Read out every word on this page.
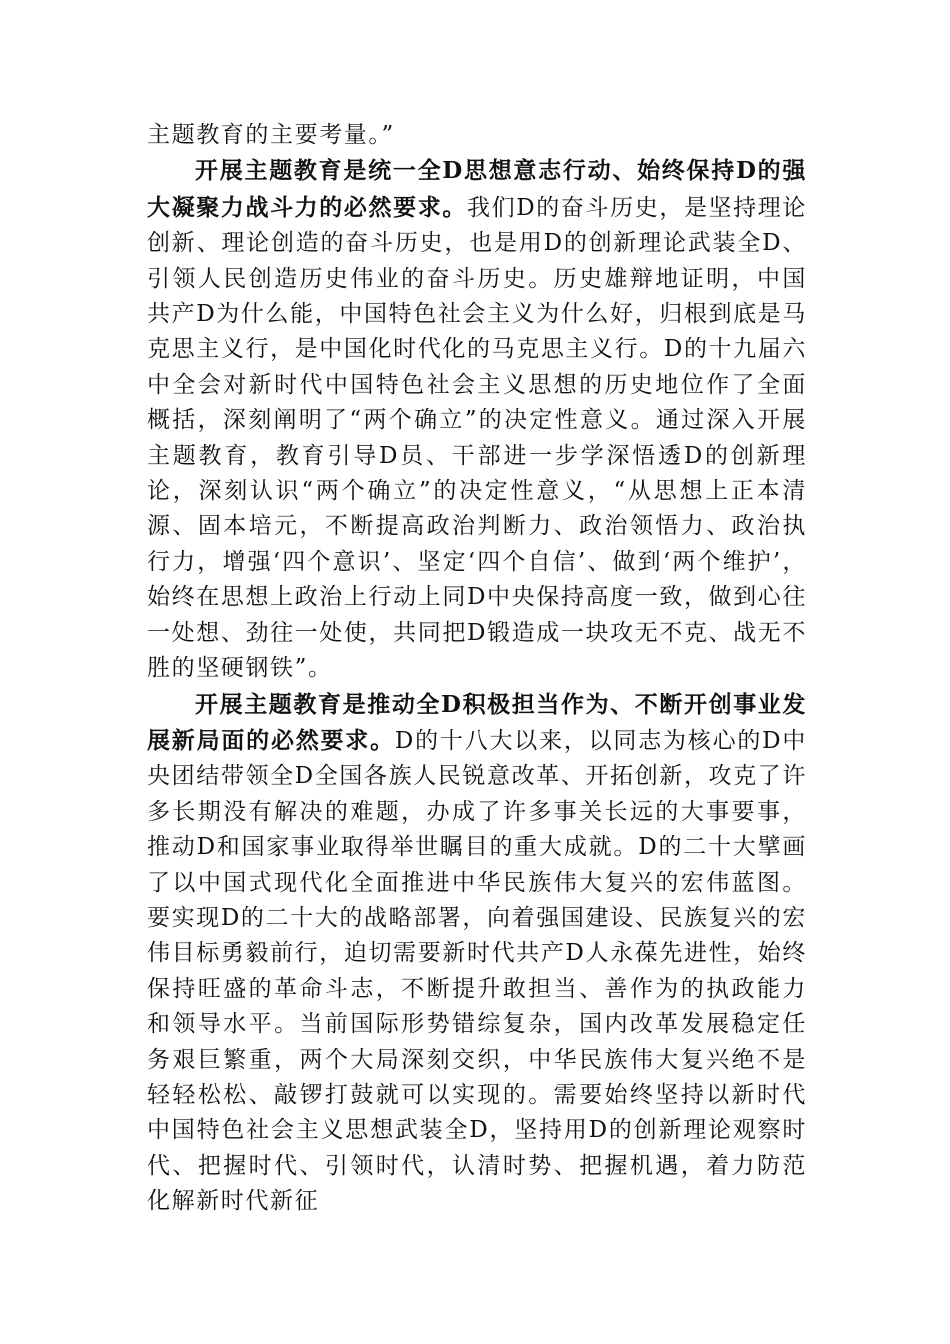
主题教育的主要考量。”

开展主题教育是统一全D思想意志行动、始终保持D的强大凝聚力战斗力的必然要求。我们D的奋斗历史，是坚持理论创新、理论创造的奋斗历史，也是用D的创新理论武装全D、引领人民创造历史伟业的奋斗历史。历史雄辩地证明，中国共产D为什么能，中国特色社会主义为什么好，归根到底是马克思主义行，是中国化时代化的马克思主义行。D的十九届六中全会对新时代中国特色社会主义思想的历史地位作了全面概括，深刻阐明了“两个确立”的决定性意义。通过深入开展主题教育，教育引导D员、干部进一步学深悟透D的创新理论，深刻认识“两个确立”的决定性意义，“从思想上正本清源、固本培元，不断提高政治判断力、政治领悟力、政治执行力，增强‘四个意识’、坚定‘四个自信’、做到‘两个维护’，始终在思想上政治上行动上同D中央保持高度一致，做到心往一处想、劲往一处使，共同把D锻造成一块攻无不克、战无不胜的坚硬钢铁”。

开展主题教育是推动全D积极担当作为、不断开创事业发展新局面的必然要求。D的十八大以来，以同志为核心的D中央团结带领全D全国各族人民锐意改革、开拓创新，攻克了许多长期没有解决的难题，办成了许多事关长远的大事要事，推动D和国家事业取得举世瞩目的重大成就。D的二十大擘画了以中国式现代化全面推进中华民族伟大复兴的宏伟蓝图。要实现D的二十大的战略部署，向着强国建设、民族复兴的宏伟目标勇毅前行，迫切需要新时代共产D人永葆先进性，始终保持旺盛的革命斗志，不断提升敢担当、善作为的执政能力和领导水平。当前国际形势错综复杂，国内改革发展稳定任务艰巨繁重，两个大局深刻交织，中华民族伟大复兴绝不是轻轻松松、敲锣打鼓就可以实现的。需要始终坚持以新时代中国特色社会主义思想武装全D，坚持用D的创新理论观察时代、把握时代、引领时代，认清时势、把握机遇，着力防范化解新时代新征
